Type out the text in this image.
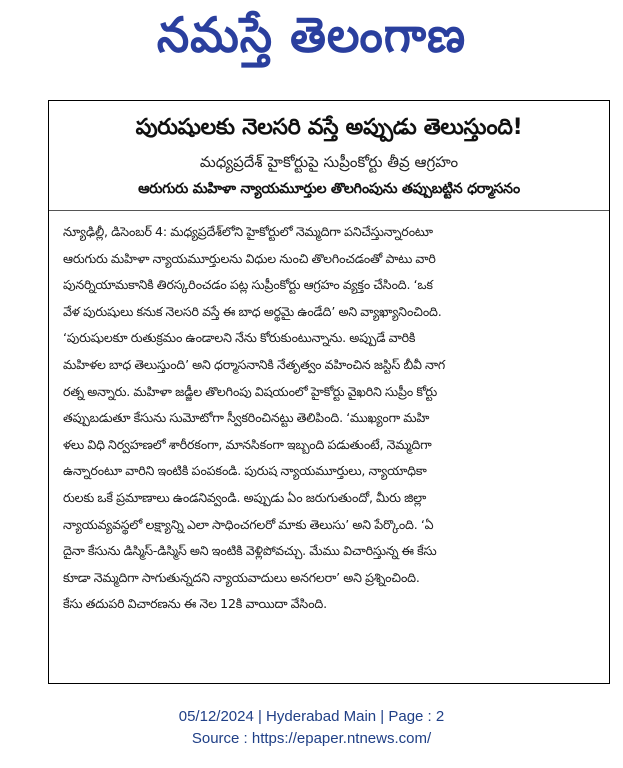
నమస్తే తెలంగాణ
పురుషులకు నెలసరి వస్తే అప్పుడు తెలుస్తుంది!
మధ్యప్రదేశ్ హైకోర్టుపై సుప్రీంకోర్టు తీవ్ర ఆగ్రహం
ఆరుగురు మహిళా న్యాయమూర్తుల తొలగింపును తప్పుబట్టిన ధర్మాసనం
న్యూఢిల్లీ, డిసెంబర్ 4: మధ్యప్రదేశ్‌లోని హైకోర్టులో నెమ్మదిగా పనిచేస్తున్నారంటూ
ఆరుగురు మహిళా న్యాయమూర్తులను విధుల నుంచి తొలగించడంతో పాటు వారి
పునర్నియామకానికి తిరస్కరించడం పట్ల సుప్రీంకోర్టు ఆగ్రహం వ్యక్తం చేసింది. ‘ఒక
వేళ పురుషులు కనుక నెలసరి వస్తే ఈ బాధ అర్థమై ఉండేది’ అని వ్యాఖ్యానించింది.
‘పురుషులకూ రుతుక్రమం ఉండాలని నేను కోరుకుంటున్నాను. అప్పుడే వారికి
మహిళల బాధ తెలుస్తుంది’ అని ధర్మాసనానికి నేతృత్వం వహించిన జస్టిస్ బీవీ నాగ
రత్న అన్నారు. మహిళా జడ్జీల తొలగింపు విషయంలో హైకోర్టు వైఖరిని సుప్రీం కోర్టు
తప్పుబడుతూ కేసును సుమోటోగా స్వీకరించినట్టు తెలిపింది. ‘ముఖ్యంగా మహి
ళలు విధి నిర్వహణలో శారీరకంగా, మానసికంగా ఇబ్బంది పడుతుంటే, నెమ్మదిగా
ఉన్నారంటూ వారిని ఇంటికి పంపకండి. పురుష న్యాయమూర్తులు, న్యాయాధికా
రులకు ఒకే ప్రమాణాలు ఉండనివ్వండి. అప్పుడు ఏం జరుగుతుందో, మీరు జిల్లా
న్యాయవ్యవస్థలో లక్ష్యాన్ని ఎలా సాధించగలరో మాకు తెలుసు’ అని పేర్కొంది. ‘ఏ
దైనా కేసును డిస్మిస్-డిస్మిస్ అని ఇంటికి వెళ్లిపోవచ్చు. మేము విచారిస్తున్న ఈ కేసు
కూడా నెమ్మదిగా సాగుతున్నదని న్యాయవాదులు అనగలరా’ అని ప్రశ్నించింది.
కేసు తదుపరి విచారణను ఈ నెల 12కి వాయిదా వేసింది.
05/12/2024 | Hyderabad Main | Page : 2
Source : https://epaper.ntnews.com/
